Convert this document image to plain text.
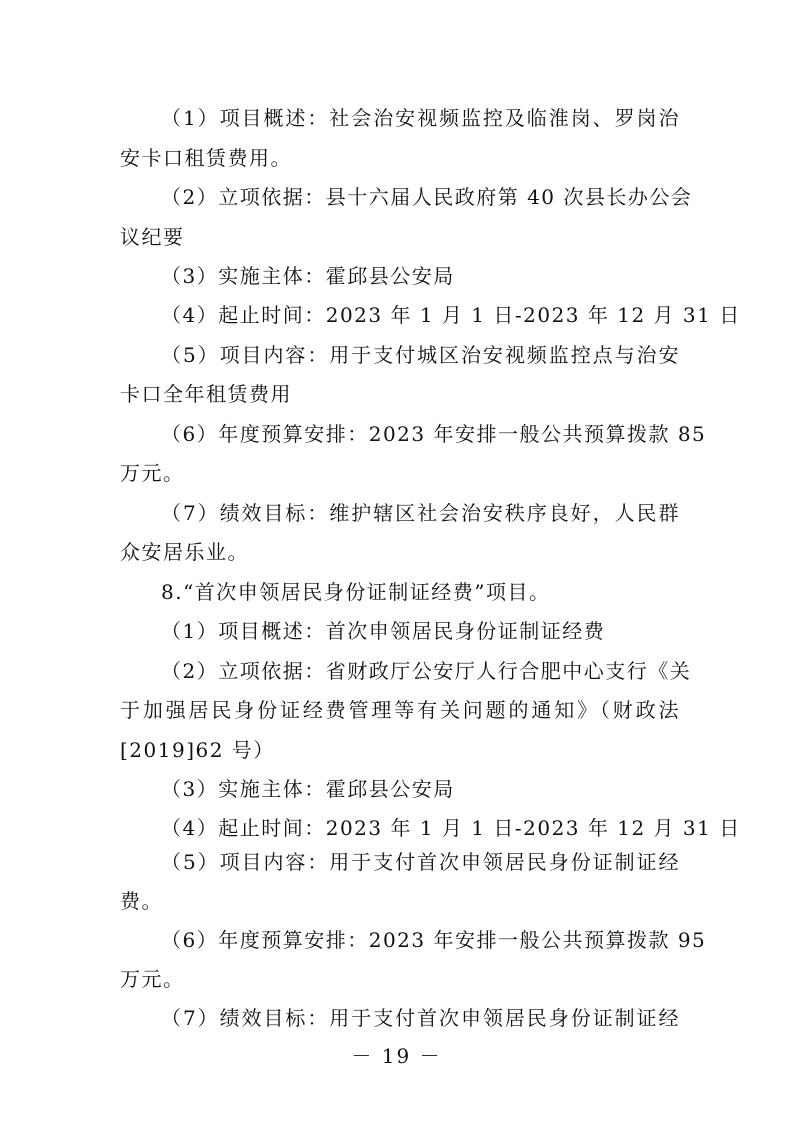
（1）项目概述：社会治安视频监控及临淮岗、罗岗治
安卡口租赁费用。
（2）立项依据：县十六届人民政府第 40 次县长办公会
议纪要
（3）实施主体：霍邱县公安局
（4）起止时间：2023 年 1 月 1 日-2023 年 12 月 31 日
（5）项目内容：用于支付城区治安视频监控点与治安
卡口全年租赁费用
（6）年度预算安排：2023 年安排一般公共预算拨款 85
万元。
（7）绩效目标：维护辖区社会治安秩序良好，人民群
众安居乐业。
8.“首次申领居民身份证制证经费”项目。
（1）项目概述：首次申领居民身份证制证经费
（2）立项依据：省财政厅公安厅人行合肥中心支行《关
于加强居民身份证经费管理等有关问题的通知》（财政法
[2019]62 号）
（3）实施主体：霍邱县公安局
（4）起止时间：2023 年 1 月 1 日-2023 年 12 月 31 日
（5）项目内容：用于支付首次申领居民身份证制证经
费。
（6）年度预算安排：2023 年安排一般公共预算拨款 95
万元。
（7）绩效目标：用于支付首次申领居民身份证制证经
－ 19 －
